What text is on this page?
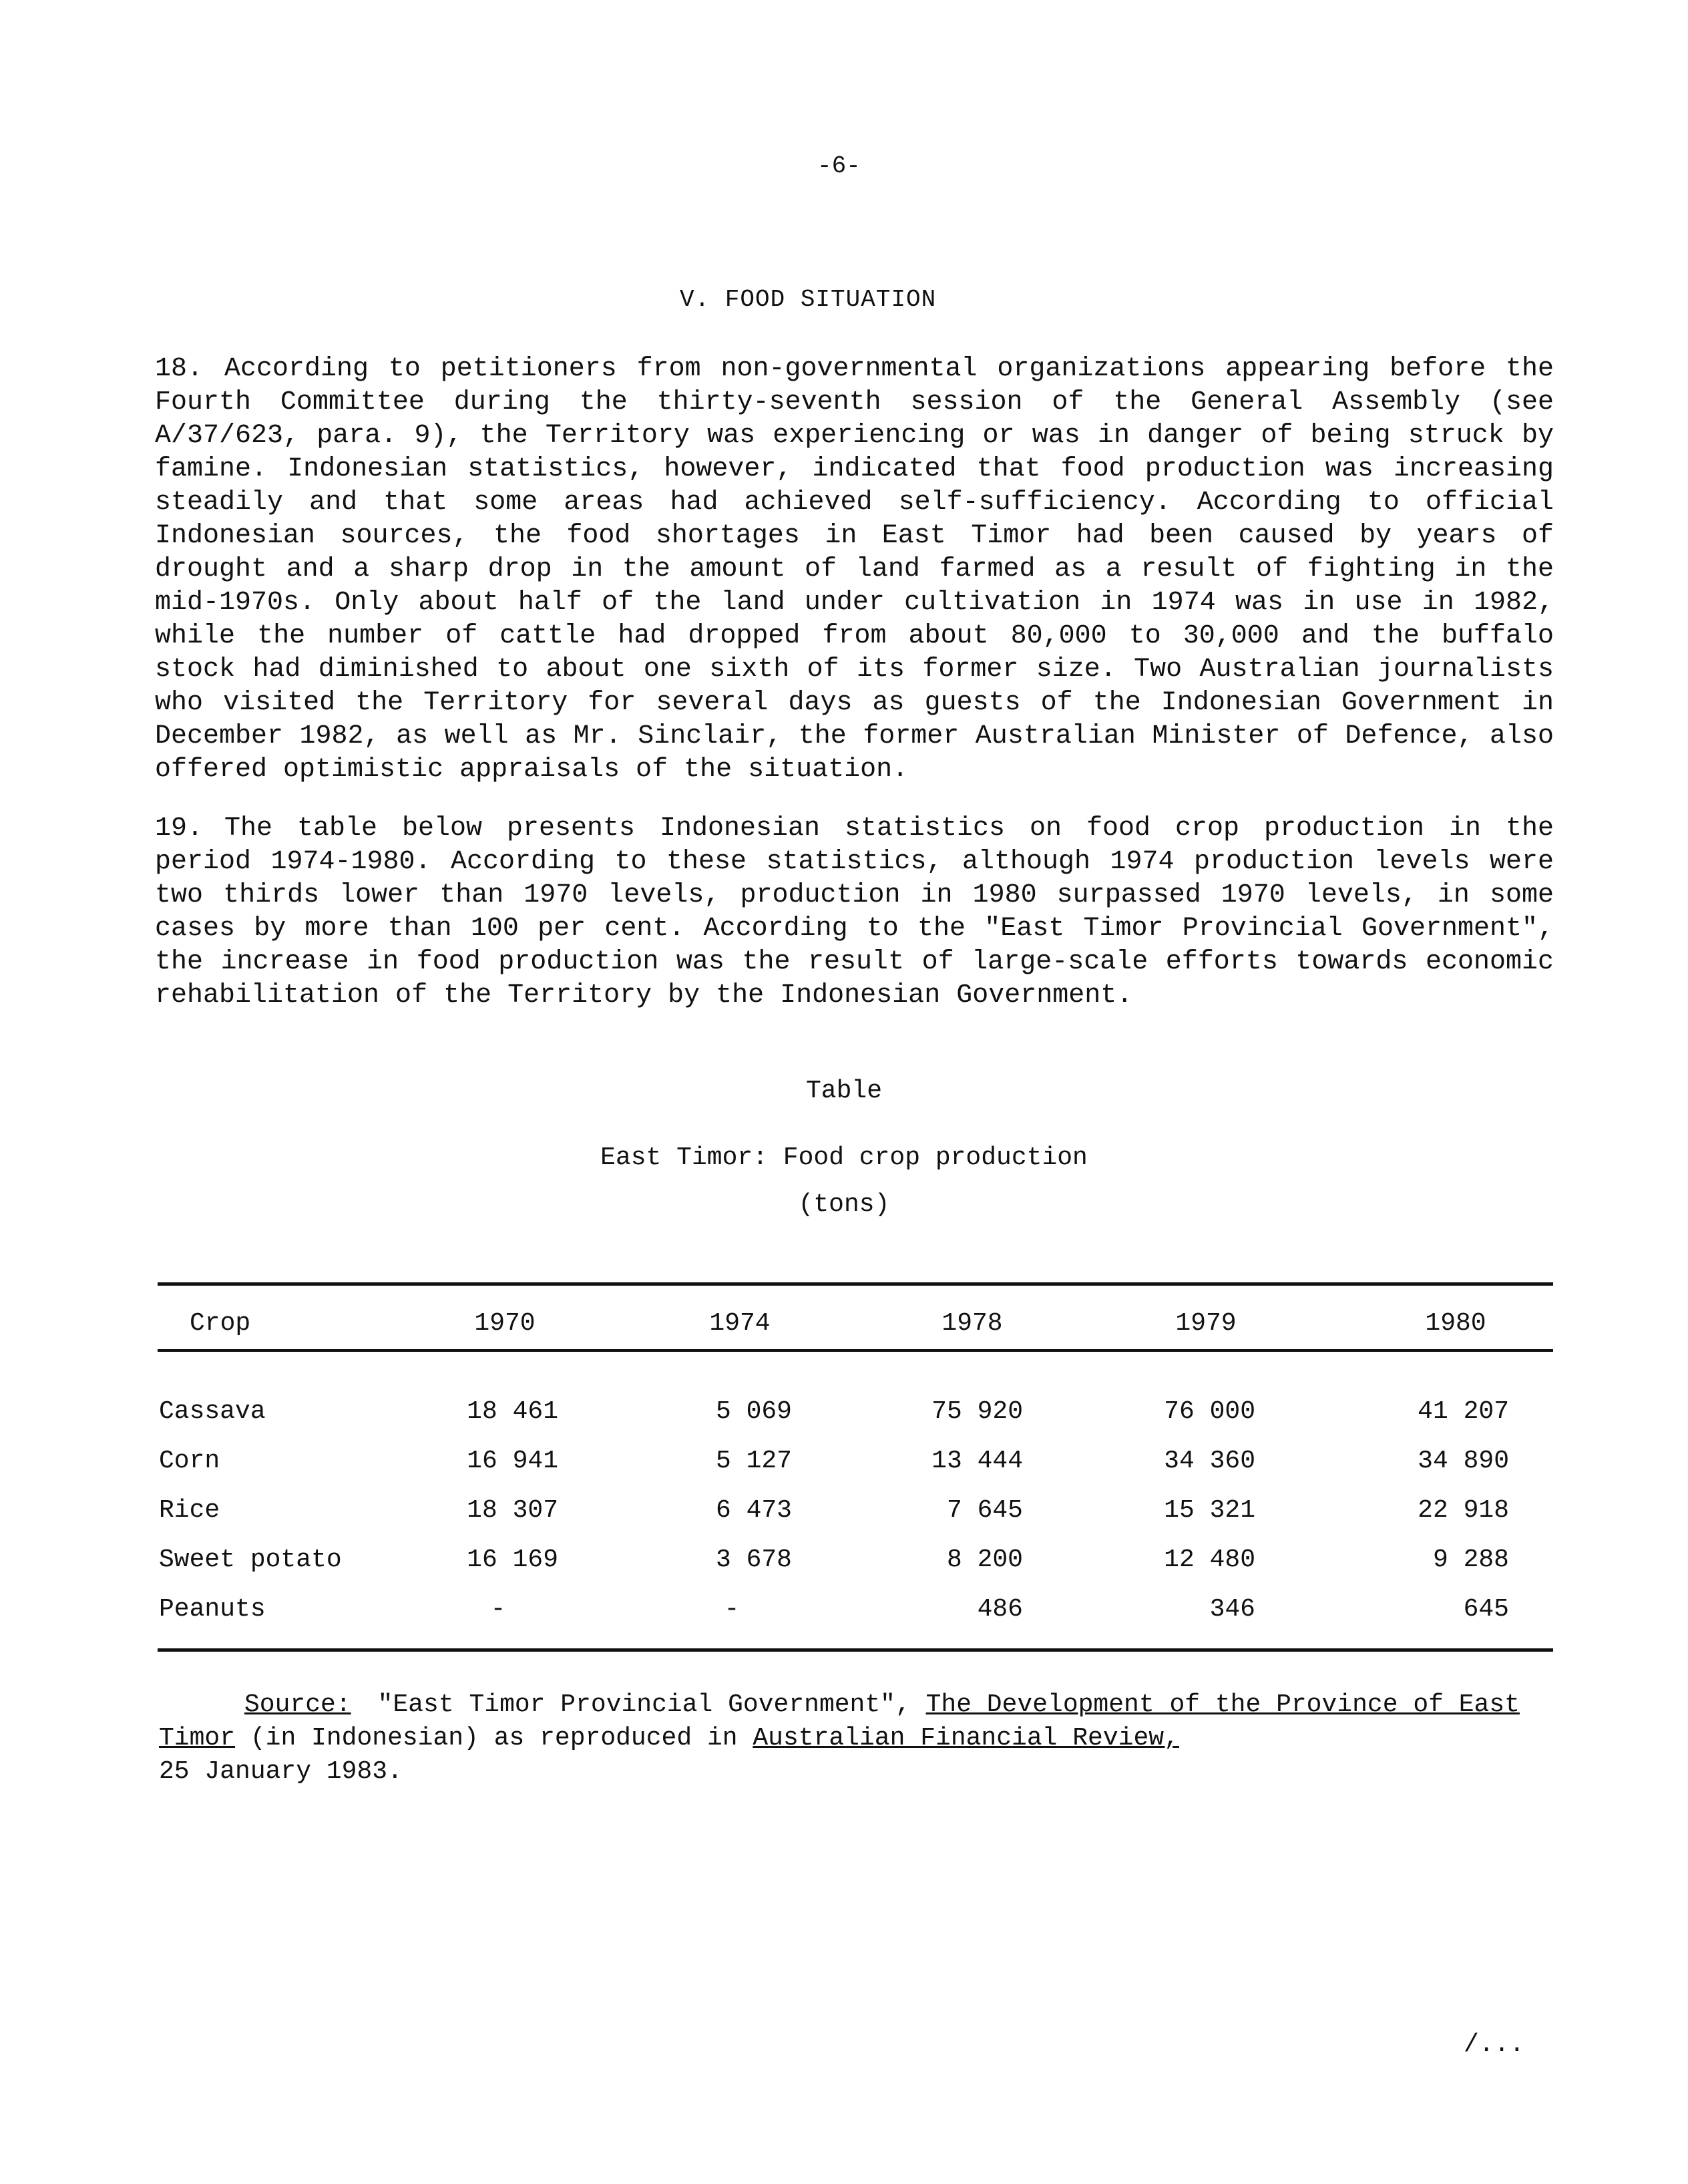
-6-
V. FOOD SITUATION

18. According to petitioners from non-governmental organizations appearing before the Fourth Committee during the thirty-seventh session of the General Assembly (see A/37/623, para. 9), the Territory was experiencing or was in danger of being struck by famine. Indonesian statistics, however, indicated that food production was increasing steadily and that some areas had achieved self-sufficiency. According to official Indonesian sources, the food shortages in East Timor had been caused by years of drought and a sharp drop in the amount of land farmed as a result of fighting in the mid-1970s. Only about half of the land under cultivation in 1974 was in use in 1982, while the number of cattle had dropped from about 80,000 to 30,000 and the buffalo stock had diminished to about one sixth of its former size. Two Australian journalists who visited the Territory for several days as guests of the Indonesian Government in December 1982, as well as Mr. Sinclair, the former Australian Minister of Defence, also offered optimistic appraisals of the situation.

19. The table below presents Indonesian statistics on food crop production in the period 1974-1980. According to these statistics, although 1974 production levels were two thirds lower than 1970 levels, production in 1980 surpassed 1970 levels, in some cases by more than 100 per cent. According to the "East Timor Provincial Government", the increase in food production was the result of large-scale efforts towards economic rehabilitation of the Territory by the Indonesian Government.

Table
East Timor: Food crop production
(tons)
Crop	1970	1974	1978	1979	1980
Cassava	18 461	5 069	75 920	76 000	41 207
Corn	16 941	5 127	13 444	34 360	34 890
Rice	18 307	6 473	7 645	15 321	22 918
Sweet potato	16 169	3 678	8 200	12 480	9 288
Peanuts	-	-	486	346	645

Source: "East Timor Provincial Government", The Development of the Province of East Timor (in Indonesian) as reproduced in Australian Financial Review,
25 January 1983.

/...
